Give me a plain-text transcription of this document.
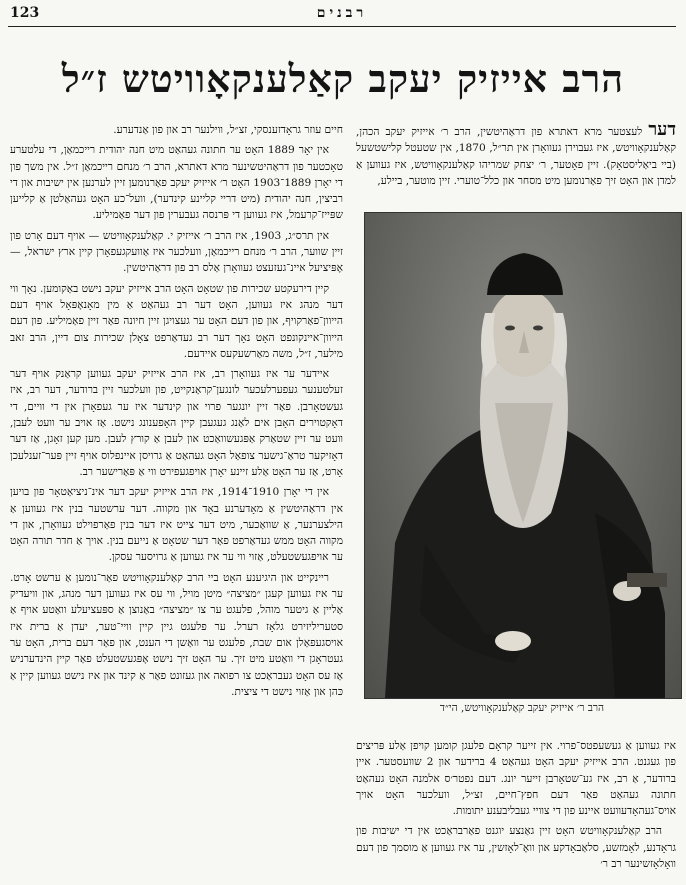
123	רבנים
הרב אייזיק יעקב קאַלענקאָוויטש ז״ל

דער לעצטער מרא דאתרא פון דראַהיטשין, הרב ר׳ אייזיק יעקב הכהן, קאַלענקאָוויטש, איז געבוירן געוואָרן אין תר״ל, 1870, אין שטעטל קלישטשעל (ביי ביאַליסטאָק). זיין פאָטער, ר׳ יצחק שמריהו קאַלענקאָוויטש, איז געווען אַ למדן און האָט זיך פאַרנומען מיט מסחר און כלל־טוערי. זיין מוטער, ביילע,

הרב ר׳ אייזיק יעקב קאַלענקאָוויטש, הי״ד

איז געווען אַ געשעפטס־פרוי. אין זייער קראָם פלעגן קומען קויפן אַלע פּריצים פון געגנט. הרב אייזיק יעקב האָט געהאַט 4 ברידער און 2 שוועסטער. איין ברודער, אַ רב, איז גע־שטאָרבן זייער יונג. דעם נפטר׳ס אלמנה האָט געהאַט חתונה געהאַט פאַר דעם חפץ־חיים, זצ״ל, וועלכער האָט אויך אויס־געהאָדעוועט איינע פון די צוויי געבליבענע יתומות.

הרב קאַלענקאָוויטש האָט זיין גאַנצע יוגנט פאַרבראַכט אין די ישיבות פון גראָדנע, לאָמזשע, סלאַבאָדקע און וואָ־לאָזשין, ער איז געווען אַ מוסמך פון דעם וואָלאָזשינער רב ר׳

חיים עוזר גראָדזענסקי, זצ״ל, ווילנער רב און פון אַנדערע.

אין יאָר 1889 האָט ער חתונה געהאַט מיט חנה יהודית רייכמאַן, די עלטערע טאָכטער פון דראַהיטשינער מרא דאתרא, הרב ר׳ מנחם רייכמאַן ז״ל. אין משך פון די יאָרן 1889־1903 האָט ר׳ אייזיק יעקב פאַרנומען זיין לערנען אין ישיבות און די רביצין, חנה יהודית (מיט דריי קליינע קינדער), וועל־כע האָט געהאַלטן אַ קלייען שפּייז־קרעמל, איז געווען די פּרנסה געבערין פון דער פאַמיליע.

אין תרס״ג, 1903, איז הרב ר׳ אייזיק י. קאַלענקאָוויטש — אויף דעם אָרט פון זיין שווער, הרב ר׳ מנחם רייכמאַן, וועלכער איז אַוועקגעפאָרן קיין ארץ ישראל, — אָפּיציעל איינ־געזעצט געוואָרן אַלס רב פון דראַהיטשין.

קיין דירעקטע שכירות פון שטאָט האָט הרב אייזיק יעקב נישט באַקומען. נאָך ווי דער מנהג איז געווען, האָט דער רב געהאַט אַ מין מאָנאָפּאָל אויף דעם הייוון־פאַרקויף, און פון דעם האָט ער געצויגן זיין חיונה פאַר זיין פאַמיליע. פון דעם הייוון־איינקונפט האָט נאָך דער רב געדאַרפט צאָלן שכירות צום דיין, הרב זאב מילער, ז״ל, משה מאַרשעקעס איידעם.

איידער ער איז געוואָרן רב, איז הרב אייזיק יעקב געווען קראַנק אויף דער זעלטענער געפערלעכער לונגען־קראַנקייט, פון וועלכער זיין ברודער, דער רב, איז געשטאָרבן. פאַר זיין יונגער פרוי און קינדער איז ער געפאָרן אין די וויים, די דאָקטוירים האָבן אים לאַנג געגעבן קיין האָפענונג נישט. אַז אויב ער וועט לעבן, וועט ער זיין שטאַרק אַפּגעשוואַכט און לעבן אַ קורץ לעבן. מען קען זאָגן, אַז דער דאָזיקער טראַ־גישער צופאַל האָט געהאַט אַ גרויסן איינפלוס אויף זיין פּער־זענלעכן אָרט, אַז ער האָט אַלע זיינע יאָרן אויפגעפירט ווי אַ פּאַרישער רב.

אין די יאָרן 1910־1914, איז הרב אייזיק יעקב דער אינ־ניציאַטאָר פון בויען אין דראַהיטשין אַ מאָדערנע באָד און מקווה. דער ערשטער בנין איז געווען אַ הילצערנער, אַ שוואַכער, מיט דער צייט איז דער בנין פאַרפוילט געוואָרן, און די מקווה האָט ממש געדאַרפט פאַר דער שטאָט אַ נייעם בנין. אויך אַ חדר תורה האָט ער אויפגעשטעלט, אַזוי ווי ער איז געווען אַ גרויסער עסקן.

ריינקייט און היגיענע האָט ביי הרב קאַלענקאָוויטש פאַר־נומען אַ ערשט אָרט. ער איז געווען קעגן ״מציצה״ מיטן מויל, ווי עס איז געווען דער מנהג, און וויעדיק אַליין אַ גיטער מוהל, פלעגט ער צו ״מציצה״ באַנוצן אַ ספּעציעלע וואַטע אויף אַ סטעריליזירט גלאָז רערל. ער פלעגט גיין קיין וויי־טער, יעדן אַ ברית איז אויסגעפאַלן אום שבת, פלעגט ער וואַשן די הענט, און פאַר דעם ברית, האָט ער געטראָגן די וואַטע מיט זיך. ער האָט זיך נישט אָפּגעשטעלט פאַר קיין הינדערניש אַז עס האָט געבראַכט צו רפואה און געזונט פאַר אַ קינד און איז נישט געווען קיין אַ כּהן און אַזוי נישט די ציצית.
